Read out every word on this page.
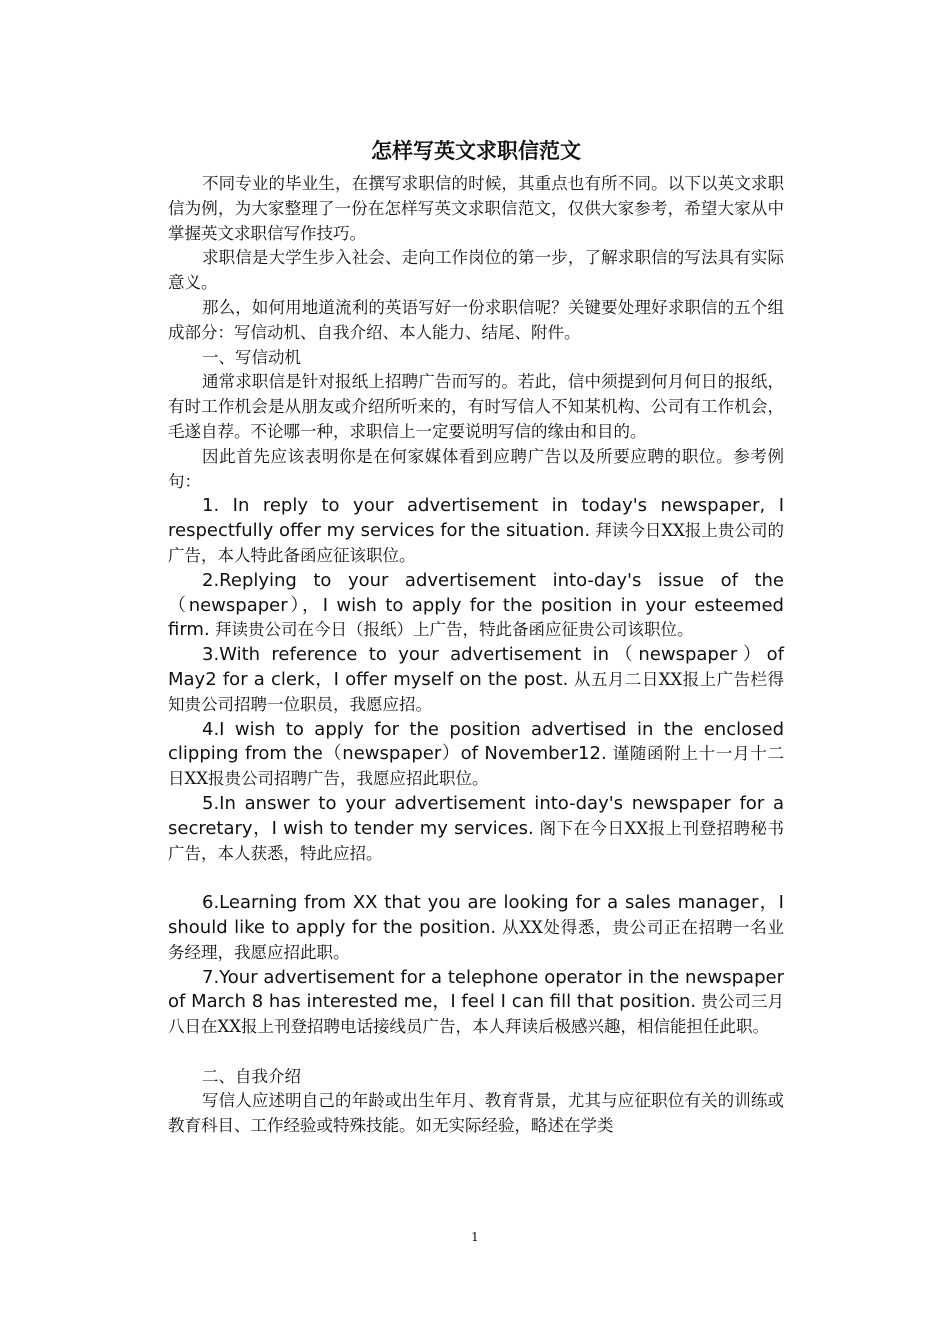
怎样写英文求职信范文

不同专业的毕业生，在撰写求职信的时候，其重点也有所不同。以下以英文求职信为例，为大家整理了一份在怎样写英文求职信范文，仅供大家参考，希望大家从中掌握英文求职信写作技巧。

求职信是大学生步入社会、走向工作岗位的第一步，了解求职信的写法具有实际意义。

那么，如何用地道流利的英语写好一份求职信呢？关键要处理好求职信的五个组成部分：写信动机、自我介绍、本人能力、结尾、附件。

一、写信动机

通常求职信是针对报纸上招聘广告而写的。若此，信中须提到何月何日的报纸，有时工作机会是从朋友或介绍所听来的，有时写信人不知某机构、公司有工作机会，毛遂自荐。不论哪一种，求职信上一定要说明写信的缘由和目的。

因此首先应该表明你是在何家媒体看到应聘广告以及所要应聘的职位。参考例句：

1. In reply to your advertisement in today's newspaper, I respectfully offer my services for the situation. 拜读今日XX报上贵公司的广告，本人特此备函应征该职位。

2.Replying to your advertisement into-day's issue of the（newspaper），I wish to apply for the position in your esteemed firm. 拜读贵公司在今日（报纸）上广告，特此备函应征贵公司该职位。

3.With reference to your advertisement in（newspaper）of May2 for a clerk，I offer myself on the post. 从五月二日XX报上广告栏得知贵公司招聘一位职员，我愿应招。

4.I wish to apply for the position advertised in the enclosed clipping from the（newspaper）of November12. 谨随函附上十一月十二日XX报贵公司招聘广告，我愿应招此职位。

5.In answer to your advertisement into-day's newspaper for a secretary，I wish to tender my services. 阁下在今日XX报上刊登招聘秘书广告，本人获悉，特此应招。

6.Learning from XX that you are looking for a sales manager，I should like to apply for the position. 从XX处得悉，贵公司正在招聘一名业务经理，我愿应招此职。

7.Your advertisement for a telephone operator in the newspaper of March 8 has interested me，I feel I can fill that position. 贵公司三月八日在XX报上刊登招聘电话接线员广告，本人拜读后极感兴趣，相信能担任此职。

二、自我介绍

写信人应述明自己的年龄或出生年月、教育背景，尤其与应征职位有关的训练或教育科目、工作经验或特殊技能。如无实际经验，略述在学类

1
